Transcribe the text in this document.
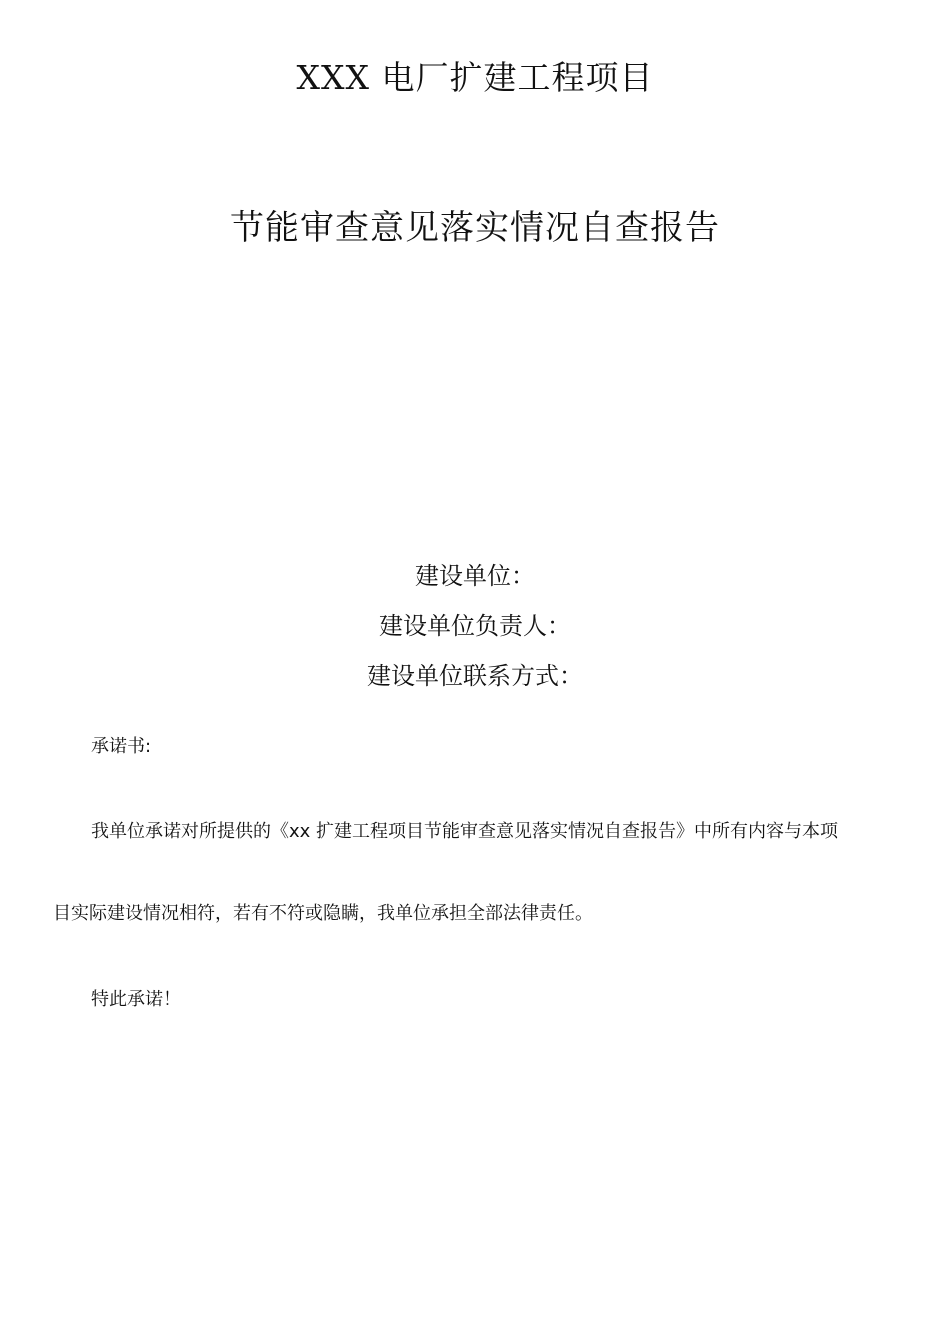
XXX 电厂扩建工程项目
节能审查意见落实情况自查报告
建设单位：
建设单位负责人：
建设单位联系方式：
承诺书:
我单位承诺对所提供的《xx 扩建工程项目节能审查意见落实情况自查报告》中所有内容与本项
目实际建设情况相符，若有不符或隐瞒，我单位承担全部法律责任。
特此承诺！
